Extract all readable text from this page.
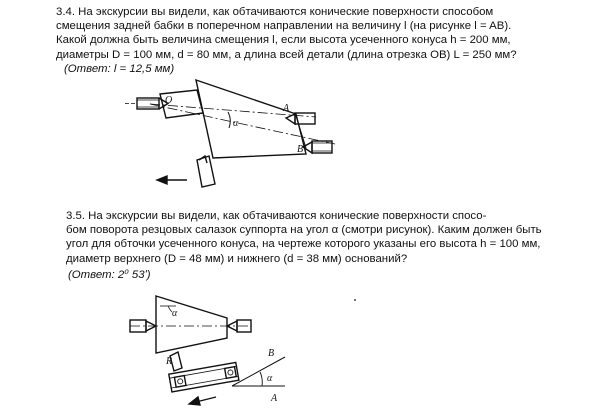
3.4. На экскурсии вы видели, как обтачиваются конические поверхности способом
смещения задней бабки в поперечном направлении на величину l (на рисунке l = AB).
Какой должна быть величина смещения l, если высота усеченного конуса h = 200 мм,
диаметры D = 100 мм, d = 80 мм, а длина всей детали (длина отрезка OB) L = 250 мм?
(Ответ: l = 12,5 мм)
3.5. На экскурсии вы видели, как обтачиваются конические поверхности спосо-
бом поворота резцовых салазок суппорта на угол α (смотри рисунок). Каким должен быть
угол для обточки усеченного конуса, на чертеже которого указаны его высота h = 100 мм,
диаметр верхнего (D = 48 мм) и нижнего (d = 38 мм) оснований?
(Ответ: 2⁰ 53ʹ)
O
A
B
α
α
α
B
A
R
